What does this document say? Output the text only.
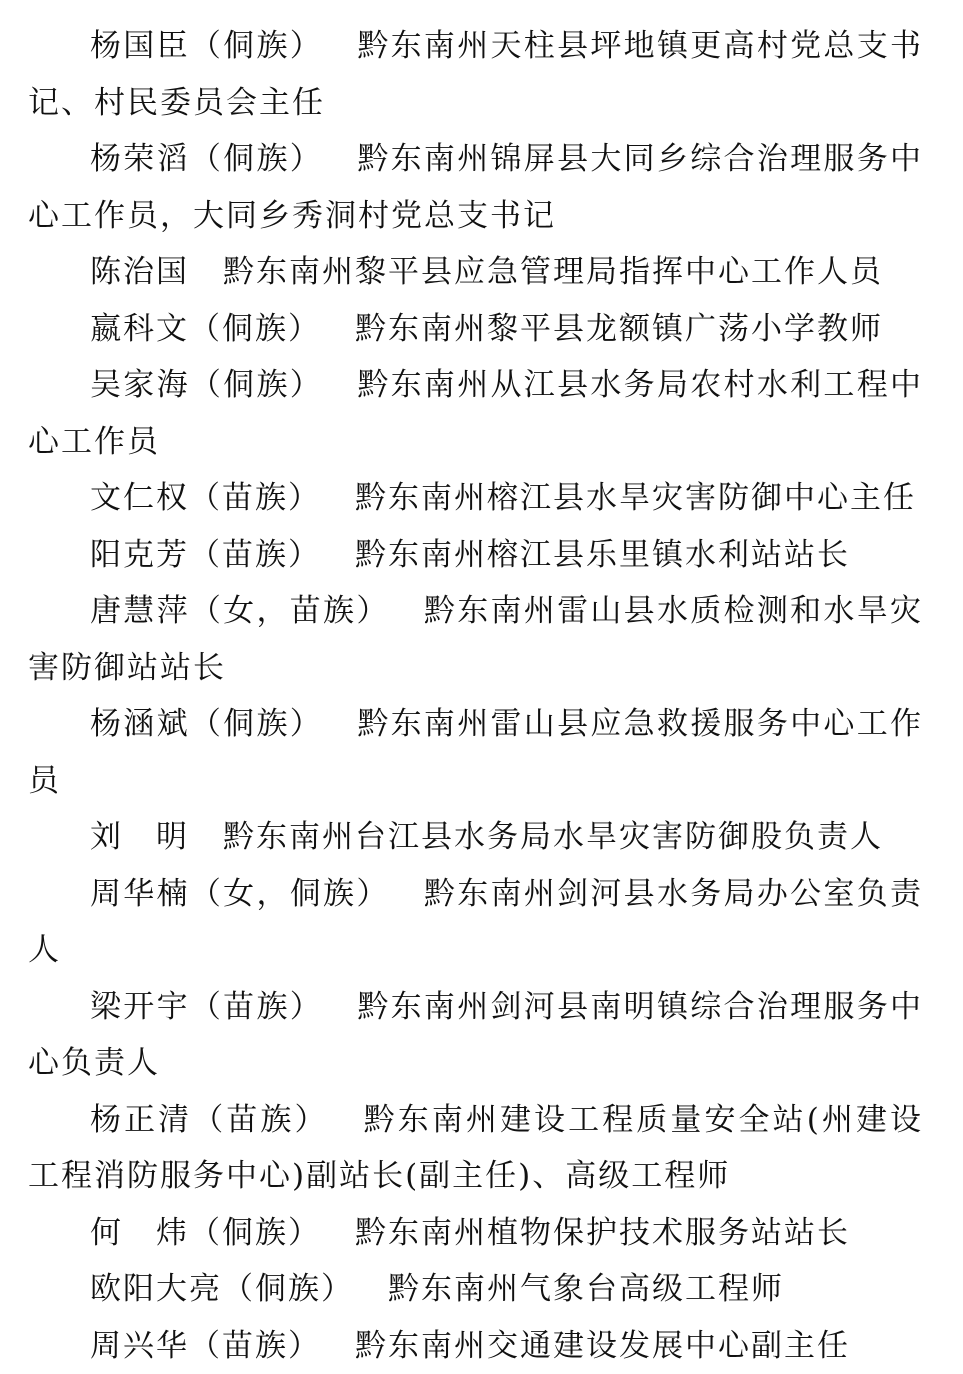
杨国臣（侗族） 黔东南州天柱县坪地镇更高村党总支书记、村民委员会主任

杨荣滔（侗族） 黔东南州锦屏县大同乡综合治理服务中心工作员，大同乡秀洞村党总支书记

陈治国 黔东南州黎平县应急管理局指挥中心工作人员

嬴科文（侗族） 黔东南州黎平县龙额镇广荡小学教师

吴家海（侗族） 黔东南州从江县水务局农村水利工程中心工作员

文仁权（苗族） 黔东南州榕江县水旱灾害防御中心主任

阳克芳（苗族） 黔东南州榕江县乐里镇水利站站长

唐慧萍（女，苗族） 黔东南州雷山县水质检测和水旱灾害防御站站长

杨涵斌（侗族） 黔东南州雷山县应急救援服务中心工作员

刘　明 黔东南州台江县水务局水旱灾害防御股负责人

周华楠（女，侗族） 黔东南州剑河县水务局办公室负责人

梁开宇（苗族） 黔东南州剑河县南明镇综合治理服务中心负责人

杨正清（苗族） 黔东南州建设工程质量安全站(州建设工程消防服务中心)副站长(副主任)、高级工程师

何　炜（侗族） 黔东南州植物保护技术服务站站长

欧阳大亮（侗族） 黔东南州气象台高级工程师

周兴华（苗族） 黔东南州交通建设发展中心副主任
